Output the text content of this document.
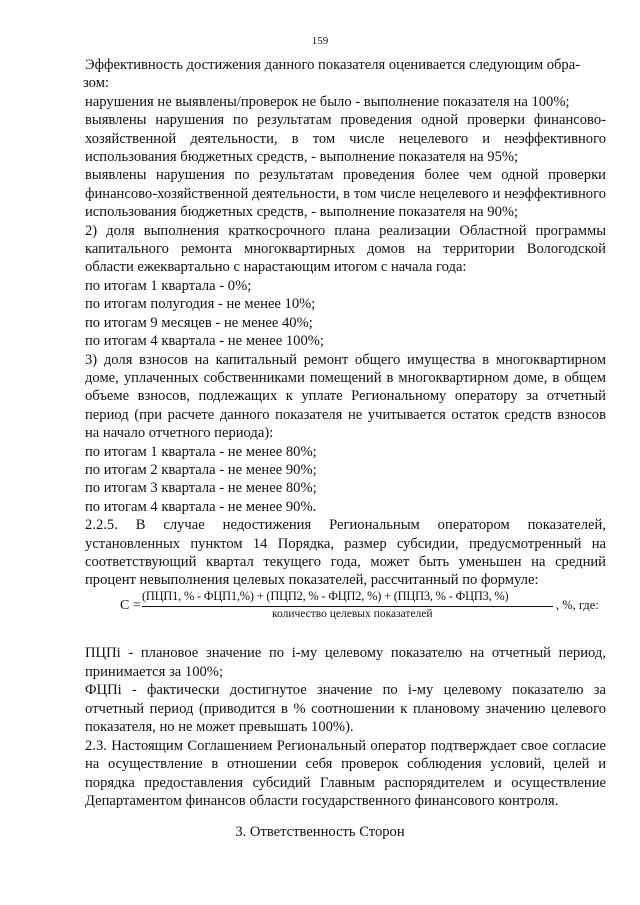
159

Эффективность достижения данного показателя оценивается следующим обра-

зом:

нарушения не выявлены/проверок не было - выполнение показателя на 100%;

выявлены нарушения по результатам проведения одной проверки финансово-хозяйственной деятельности, в том числе нецелевого и неэффективного использования бюджетных средств, - выполнение показателя на 95%;

выявлены нарушения по результатам проведения более чем одной проверки финансово-хозяйственной деятельности, в том числе нецелевого и неэффективного использования бюджетных средств, - выполнение показателя на 90%;

2) доля выполнения краткосрочного плана реализации Областной программы капитального ремонта многоквартирных домов на территории Вологодской области ежеквартально с нарастающим итогом с начала года:

по итогам 1 квартала - 0%;

по итогам полугодия - не менее 10%;

по итогам 9 месяцев - не менее 40%;

по итогам 4 квартала - не менее 100%;

3) доля взносов на капитальный ремонт общего имущества в многоквартирном доме, уплаченных собственниками помещений в многоквартирном доме, в общем объеме взносов, подлежащих к уплате Региональному оператору за отчетный период (при расчете данного показателя не учитывается остаток средств взносов на начало отчетного периода):

по итогам 1 квартала - не менее 80%;

по итогам 2 квартала - не менее 90%;

по итогам 3 квартала - не менее 80%;

по итогам 4 квартала - не менее 90%.

2.2.5. В случае недостижения Региональным оператором показателей, установленных пунктом 14 Порядка, размер субсидии, предусмотренный на соответствующий квартал текущего года, может быть уменьшен на средний процент невыполнения целевых показателей, рассчитанный по формуле:

C =
(ПЦП1, % - ФЦП1,%) + (ПЦП2, % - ФЦП2, %) + (ПЦП3, % - ФЦП3, %)
количество целевых показателей
, %, где:

ПЦПi - плановое значение по i-му целевому показателю на отчетный период, принимается за 100%;

ФЦПi - фактически достигнутое значение по i-му целевому показателю за отчетный период (приводится в % соотношении к плановому значению целевого показателя, но не может превышать 100%).

2.3. Настоящим Соглашением Региональный оператор подтверждает свое согласие на осуществление в отношении себя проверок соблюдения условий, целей и порядка предоставления субсидий Главным распорядителем и осуществление Департаментом финансов области государственного финансового контроля.

3. Ответственность Сторон
